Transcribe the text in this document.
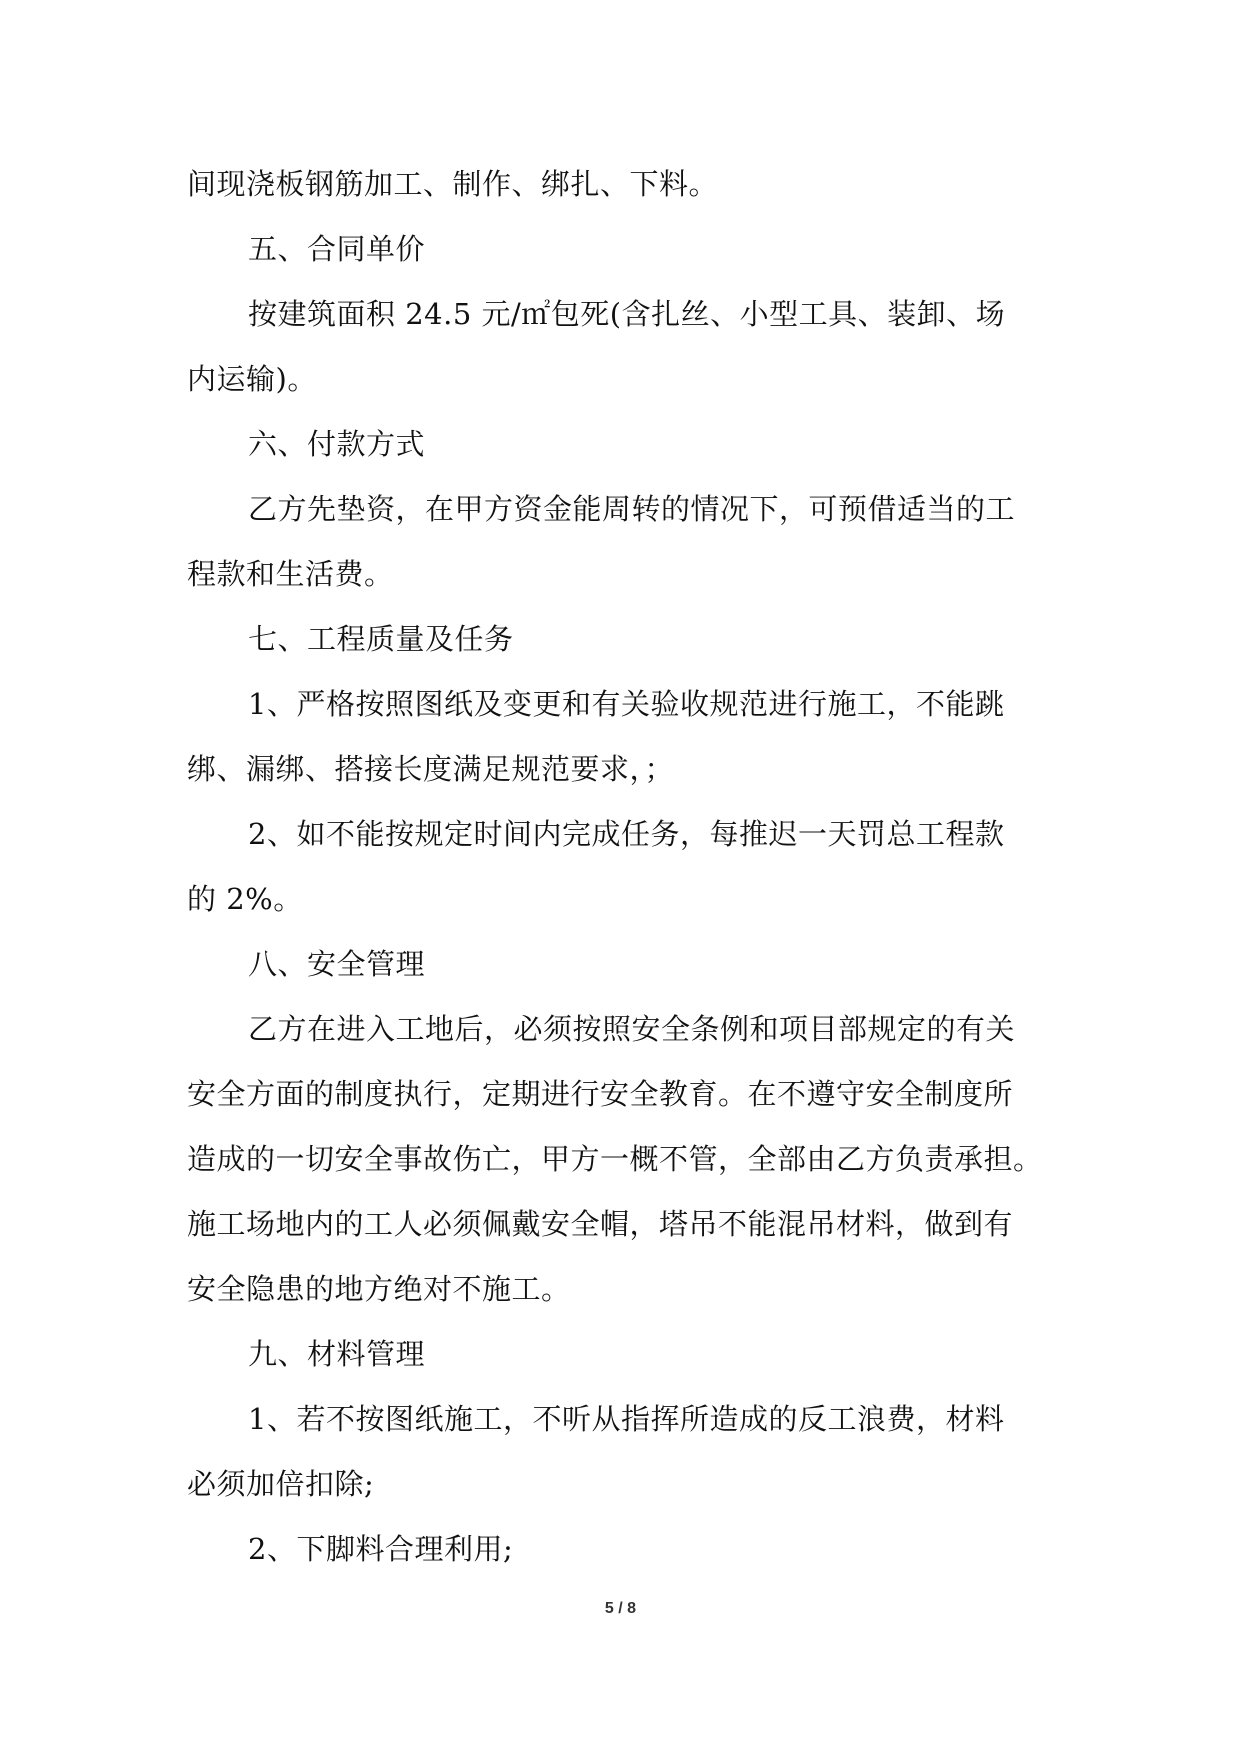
间现浇板钢筋加工、制作、绑扎、下料。
五、合同单价
按建筑面积 24.5 元/㎡包死(含扎丝、小型工具、装卸、场
内运输)。
六、付款方式
乙方先垫资，在甲方资金能周转的情况下，可预借适当的工
程款和生活费。
七、工程质量及任务
1、严格按照图纸及变更和有关验收规范进行施工，不能跳
绑、漏绑、搭接长度满足规范要求，；
2、如不能按规定时间内完成任务，每推迟一天罚总工程款
的 2%。
八、安全管理
乙方在进入工地后，必须按照安全条例和项目部规定的有关
安全方面的制度执行，定期进行安全教育。在不遵守安全制度所
造成的一切安全事故伤亡，甲方一概不管，全部由乙方负责承担。
施工场地内的工人必须佩戴安全帽，塔吊不能混吊材料，做到有
安全隐患的地方绝对不施工。
九、材料管理
1、若不按图纸施工，不听从指挥所造成的反工浪费，材料
必须加倍扣除;
2、下脚料合理利用;
5 / 8
